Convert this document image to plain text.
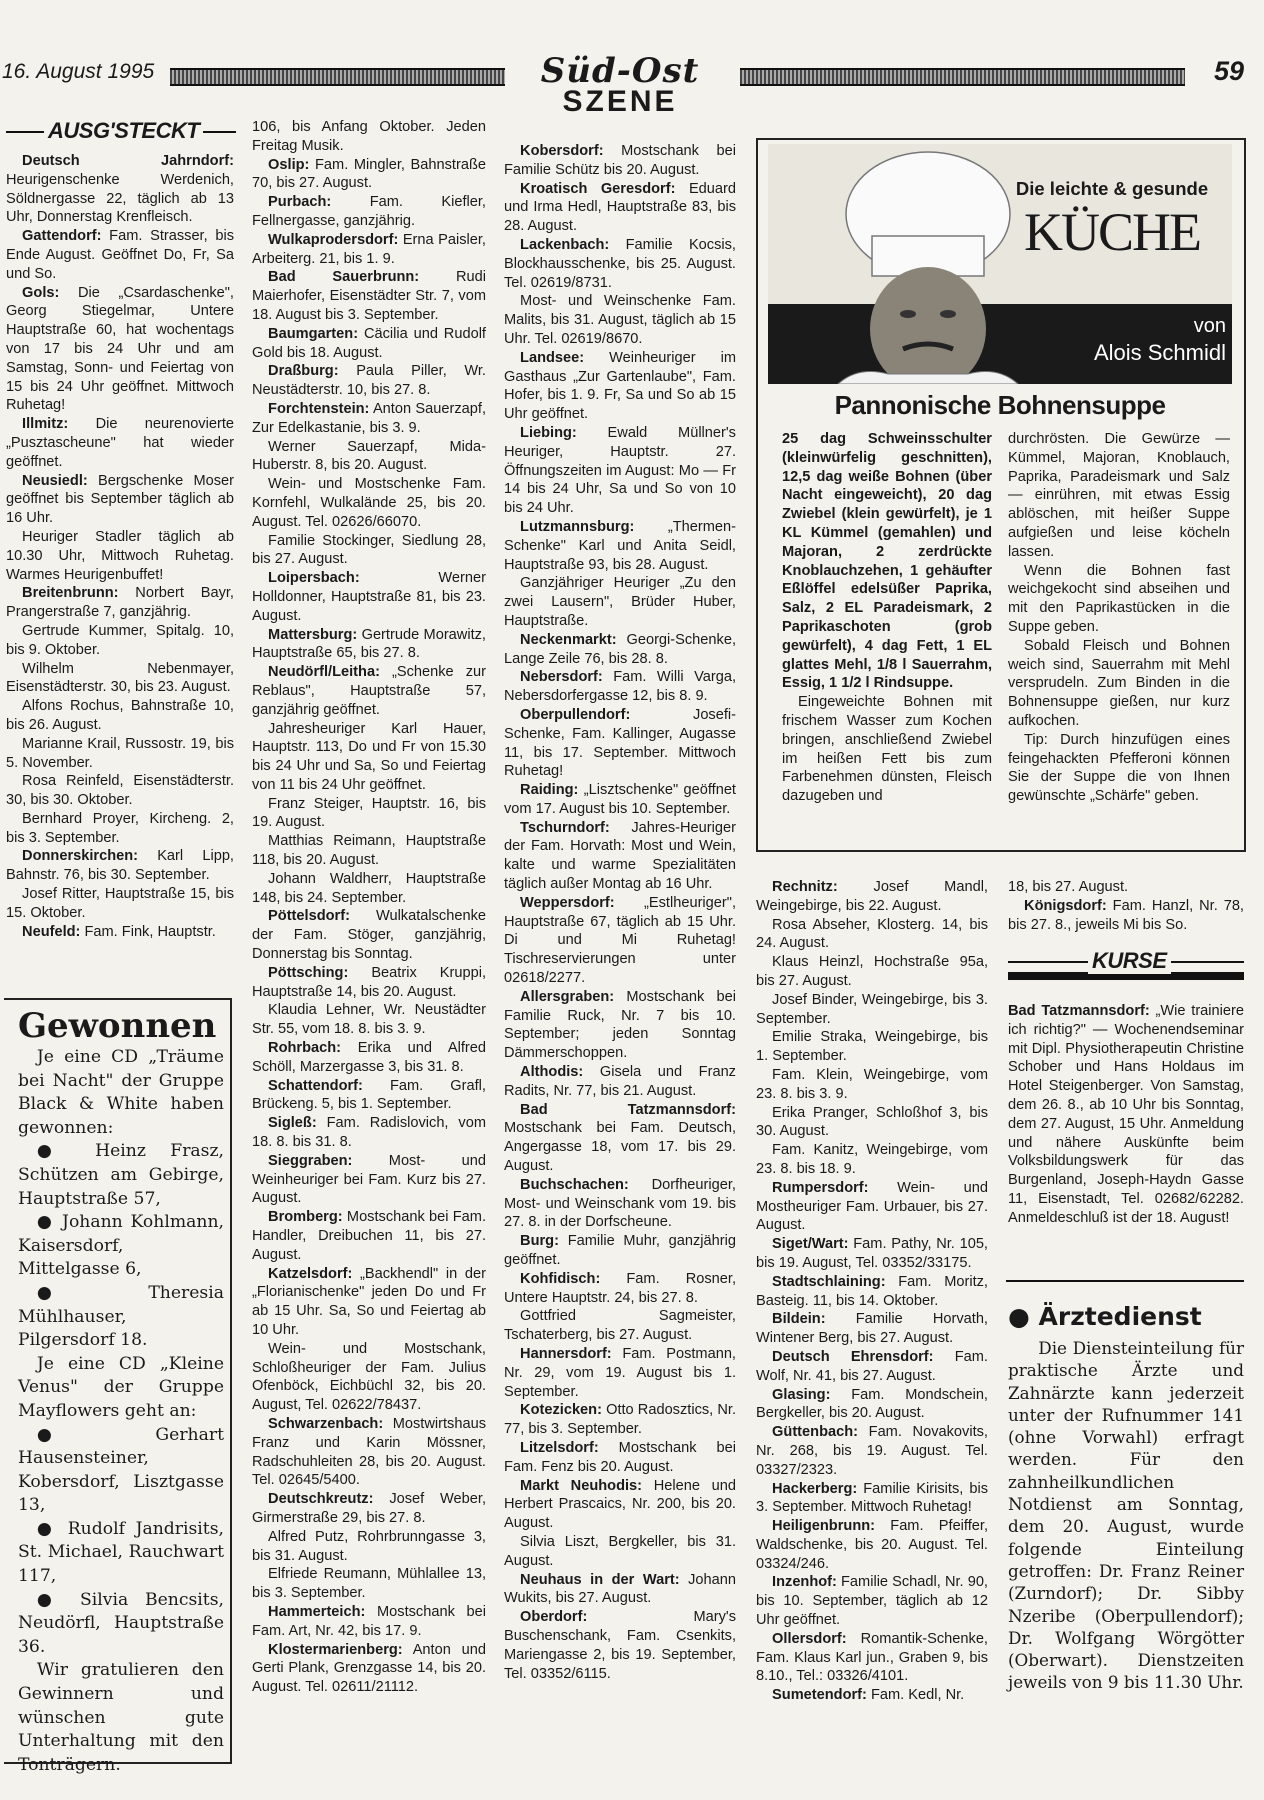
16. August 1995	Süd-Ost
SZENE
59
AUSG'STECKT

Deutsch Jahrndorf: Heurigenschenke Werdenich, Söldnergasse 22, täglich ab 13 Uhr, Donnerstag Krenfleisch.

Gattendorf: Fam. Strasser, bis Ende August. Geöffnet Do, Fr, Sa und So.

Gols: Die „Csardaschenke", Georg Stiegelmar, Untere Hauptstraße 60, hat wochentags von 17 bis 24 Uhr und am Samstag, Sonn- und Feiertag von 15 bis 24 Uhr geöffnet. Mittwoch Ruhetag!

Illmitz: Die neurenovierte „Pusztascheune" hat wieder geöffnet.

Neusiedl: Bergschenke Moser geöffnet bis September täglich ab 16 Uhr.

Heuriger Stadler täglich ab 10.30 Uhr, Mittwoch Ruhetag. Warmes Heurigenbuffet!

Breitenbrunn: Norbert Bayr, Prangerstraße 7, ganzjährig.

Gertrude Kummer, Spitalg. 10, bis 9. Oktober.

Wilhelm Nebenmayer, Eisenstädterstr. 30, bis 23. August.

Alfons Rochus, Bahnstraße 10, bis 26. August.

Marianne Krail, Russostr. 19, bis 5. November.

Rosa Reinfeld, Eisenstädterstr. 30, bis 30. Oktober.

Bernhard Proyer, Kircheng. 2, bis 3. September.

Donnerskirchen: Karl Lipp, Bahnstr. 76, bis 30. September.

Josef Ritter, Hauptstraße 15, bis 15. Oktober.

Neufeld: Fam. Fink, Hauptstr.

106, bis Anfang Oktober. Jeden Freitag Musik.

Oslip: Fam. Mingler, Bahnstraße 70, bis 27. August.

Purbach:	Fam. Kiefler, Fellnergasse, ganzjährig.

Wulkaprodersdorf: Erna Paisler, Arbeiterg. 21, bis 1. 9.

Bad Sauerbrunn:	Rudi Maierhofer, Eisenstädter Str. 7, vom 18. August bis 3. September.

Baumgarten: Cäcilia und Rudolf Gold bis 18. August.

Draßburg: Paula Piller, Wr. Neustädterstr. 10, bis 27. 8.

Forchtenstein: Anton Sauerzapf, Zur Edelkastanie, bis 3. 9.

Werner Sauerzapf, Mida-Huberstr. 8, bis 20. August.

Wein- und Mostschenke Fam. Kornfehl, Wulkalände 25, bis 20. August. Tel. 02626/66070.

Familie Stockinger, Siedlung 28, bis 27. August.

Loipersbach:	Werner Holldonner, Hauptstraße 81, bis 23. August.

Mattersburg: Gertrude Morawitz, Hauptstraße 65, bis 27. 8.

Neudörfl/Leitha: „Schenke zur Reblaus", Hauptstraße 57, ganzjährig geöffnet.

Jahresheuriger Karl Hauer, Hauptstr. 113, Do und Fr von 15.30 bis 24 Uhr und Sa, So und Feiertag von 11 bis 24 Uhr geöffnet.

Franz Steiger, Hauptstr. 16, bis 19. August.

Matthias Reimann, Hauptstraße 118, bis 20. August.

Johann Waldherr, Hauptstraße 148, bis 24. September.

Pöttelsdorf: Wulkatalschenke der Fam. Stöger, ganzjährig, Donnerstag bis Sonntag.

Pöttsching: Beatrix Kruppi, Hauptstraße 14, bis 20. August.

Klaudia Lehner, Wr. Neustädter Str. 55, vom 18. 8. bis 3. 9.

Rohrbach: Erika und Alfred Schöll, Marzergasse 3, bis 31. 8.

Schattendorf: Fam. Grafl, Brückeng. 5, bis 1. September.

Sigleß: Fam. Radislovich, vom 18. 8. bis 31. 8.

Sieggraben: Most- und Weinheuriger bei Fam. Kurz bis 27. August.

Bromberg: Mostschank bei Fam. Handler, Dreibuchen 11, bis 27. August.

Katzelsdorf: „Backhendl" in der „Florianischenke" jeden Do und Fr ab 15 Uhr. Sa, So und Feiertag ab 10 Uhr.

Wein- und Mostschank, Schloßheuriger der Fam. Julius Ofenböck, Eichbüchl 32, bis 20. August, Tel. 02622/78437.

Schwarzenbach: Mostwirtshaus Franz und Karin Mössner, Radschuhleiten 28, bis 20. August. Tel. 02645/5400.

Deutschkreutz: Josef Weber, Girmerstraße 29, bis 27. 8.

Alfred Putz, Rohrbrunngasse 3, bis 31. August.

Elfriede Reumann, Mühlallee 13, bis 3. September.

Hammerteich: Mostschank bei Fam. Art, Nr. 42, bis 17. 9.

Klostermarienberg: Anton und Gerti Plank, Grenzgasse 14, bis 20. August. Tel. 02611/21112.

Kobersdorf: Mostschank bei Familie Schütz bis 20. August.

Kroatisch Geresdorf: Eduard und Irma Hedl, Hauptstraße 83, bis 28. August.

Lackenbach: Familie Kocsis, Blockhausschenke, bis 25. August. Tel. 02619/8731.

Most- und Weinschenke Fam. Malits, bis 31. August, täglich ab 15 Uhr. Tel. 02619/8670.

Landsee: Weinheuriger im Gasthaus „Zur Gartenlaube", Fam. Hofer, bis 1. 9. Fr, Sa und So ab 15 Uhr geöffnet.

Liebing: Ewald Müllner's Heuriger, Hauptstr. 27. Öffnungszeiten im August: Mo — Fr 14 bis 24 Uhr, Sa und So von 10 bis 24 Uhr.

Lutzmannsburg: „Thermen-Schenke" Karl und Anita Seidl, Hauptstraße 93, bis 28. August.

Ganzjähriger Heuriger „Zu den zwei Lausern", Brüder Huber, Hauptstraße.

Neckenmarkt: Georgi-Schenke, Lange Zeile 76, bis 28. 8.

Nebersdorf: Fam. Willi Varga, Nebersdorfergasse 12, bis 8. 9.

Oberpullendorf:	Josefi-Schenke, Fam. Kallinger, Augasse 11, bis 17. September. Mittwoch Ruhetag!

Raiding: „Lisztschenke" geöffnet vom 17. August bis 10. September.

Tschurndorf: Jahres-Heuriger der Fam. Horvath: Most und Wein, kalte und warme Spezialitäten täglich außer Montag ab 16 Uhr.

Weppersdorf: „Estlheuriger", Hauptstraße 67, täglich ab 15 Uhr. Di und Mi Ruhetag! Tischreservierungen unter 02618/2277.

Allersgraben: Mostschank bei Familie Ruck, Nr. 7 bis 10. September; jeden Sonntag Dämmerschoppen.

Althodis: Gisela und Franz Radits, Nr. 77, bis 21. August.

Bad Tatzmannsdorf: Mostschank bei Fam. Deutsch, Angergasse 18, vom 17. bis 29. August.

Buchschachen: Dorfheuriger, Most- und Weinschank vom 19. bis 27. 8. in der Dorfscheune.

Burg: Familie Muhr, ganzjährig geöffnet.

Kohfidisch: Fam. Rosner, Untere Hauptstr. 24, bis 27. 8.

Gottfried Sagmeister, Tschaterberg, bis 27. August.

Hannersdorf: Fam. Postmann, Nr. 29, vom 19. August bis 1. September.

Kotezicken: Otto Radosztics, Nr. 77, bis 3. September.

Litzelsdorf: Mostschank bei Fam. Fenz bis 20. August.

Markt Neuhodis: Helene und Herbert Prascaics, Nr. 200, bis 20. August.

Silvia Liszt, Bergkeller, bis 31. August.

Neuhaus in der Wart: Johann Wukits, bis 27. August.

Oberdorf:	Mary's Buschenschank, Fam. Csenkits, Mariengasse 2, bis 19. September, Tel. 03352/6115.

Rechnitz: Josef Mandl, Weingebirge, bis 22. August.

Rosa Abseher, Klosterg. 14, bis 24. August.

Klaus Heinzl, Hochstraße 95a, bis 27. August.

Josef Binder, Weingebirge, bis 3. September.

Emilie Straka, Weingebirge, bis 1. September.

Fam. Klein, Weingebirge, vom 23. 8. bis 3. 9.

Erika Pranger, Schloßhof 3, bis 30. August.

Fam. Kanitz, Weingebirge, vom 23. 8. bis 18. 9.

Rumpersdorf: Wein- und Mostheuriger Fam. Urbauer, bis 27. August.

Siget/Wart: Fam. Pathy, Nr. 105, bis 19. August, Tel. 03352/33175.

Stadtschlaining: Fam. Moritz, Basteig. 11, bis 14. Oktober.

Bildein: Familie Horvath, Wintener Berg, bis 27. August.

Deutsch Ehrensdorf: Fam. Wolf, Nr. 41, bis 27. August.

Glasing: Fam. Mondschein, Bergkeller, bis 20. August.

Güttenbach: Fam. Novakovits, Nr. 268, bis 19. August. Tel. 03327/2323.

Hackerberg: Familie Kirisits, bis 3. September. Mittwoch Ruhetag!

Heiligenbrunn: Fam. Pfeiffer, Waldschenke, bis 20. August. Tel. 03324/246.

Inzenhof: Familie Schadl, Nr. 90, bis 10. September, täglich ab 12 Uhr geöffnet.

Ollersdorf: Romantik-Schenke, Fam. Klaus Karl jun., Graben 9, bis 8.10., Tel.: 03326/4101.

Sumetendorf: Fam. Kedl, Nr.

18, bis 27. August.

Königsdorf: Fam. Hanzl, Nr. 78, bis 27. 8., jeweils Mi bis So.

Gewonnen

Je eine CD „Träume bei Nacht" der Gruppe Black & White haben gewonnen:

● Heinz Frasz, Schützen am Gebirge, Hauptstraße 57,

● Johann Kohlmann, Kaisersdorf, Mittelgasse 6,

● Theresia Mühlhauser, Pilgersdorf 18.

Je eine CD „Kleine Venus" der Gruppe Mayflowers geht an:

● Gerhart Hausensteiner, Kobersdorf, Lisztgasse 13,

● Rudolf Jandrisits, St. Michael, Rauchwart 117,

● Silvia Bencsits, Neudörfl, Hauptstraße 36.

Wir gratulieren den Gewinnern und wünschen gute Unterhaltung mit den Tonträgern.

Die leichte & gesunde
KÜCHE
von
Alois Schmidl
Pannonische Bohnensuppe

25 dag Schweinsschulter (kleinwürfelig geschnitten), 12,5 dag weiße Bohnen (über Nacht eingeweicht), 20 dag Zwiebel (klein gewürfelt), je 1 KL Kümmel (gemahlen) und Majoran, 2 zerdrückte Knoblauchzehen, 1 gehäufter Eßlöffel edelsüßer Paprika, Salz, 2 EL Paradeismark, 2 Paprikaschoten (grob gewürfelt), 4 dag Fett, 1 EL glattes Mehl, 1/8 l Sauerrahm, Essig, 1 1/2 l Rindsuppe.

Eingeweichte Bohnen mit frischem Wasser zum Kochen bringen, anschließend Zwiebel im heißen Fett bis zum Farbenehmen dünsten, Fleisch dazugeben und

durchrösten. Die Gewürze — Kümmel, Majoran, Knoblauch, Paprika, Paradeismark und Salz — einrühren, mit etwas Essig ablöschen, mit heißer Suppe aufgießen und leise köcheln lassen.

Wenn die Bohnen fast weichgekocht sind abseihen und mit den Paprikastücken in die Suppe geben.

Sobald Fleisch und Bohnen weich sind, Sauerrahm mit Mehl versprudeln. Zum Binden in die Bohnensuppe gießen, nur kurz aufkochen.

Tip: Durch hinzufügen eines feingehackten Pfefferoni können Sie der Suppe die von Ihnen gewünschte „Schärfe" geben.

KURSE

Bad Tatzmannsdorf: „Wie trainiere ich richtig?" — Wochenendseminar mit Dipl. Physiotherapeutin Christine Schober und Hans Holdaus im Hotel Steigenberger. Von Samstag, dem 26. 8., ab 10 Uhr bis Sonntag, dem 27. August, 15 Uhr. Anmeldung und nähere Auskünfte beim Volksbildungswerk für das Burgenland, Joseph-Haydn Gasse 11, Eisenstadt, Tel. 02682/62282. Anmeldeschluß ist der 18. August!

● Ärztedienst

Die Diensteinteilung für praktische Ärzte und Zahnärzte kann jederzeit unter der Rufnummer 141 (ohne Vorwahl) erfragt werden. Für den zahnheilkundlichen Notdienst am Sonntag, dem 20. August, wurde folgende Einteilung getroffen: Dr. Franz Reiner (Zurndorf); Dr. Sibby Nzeribe (Oberpullendorf); Dr. Wolfgang Wörgötter (Oberwart). Dienstzeiten jeweils von 9 bis 11.30 Uhr.
